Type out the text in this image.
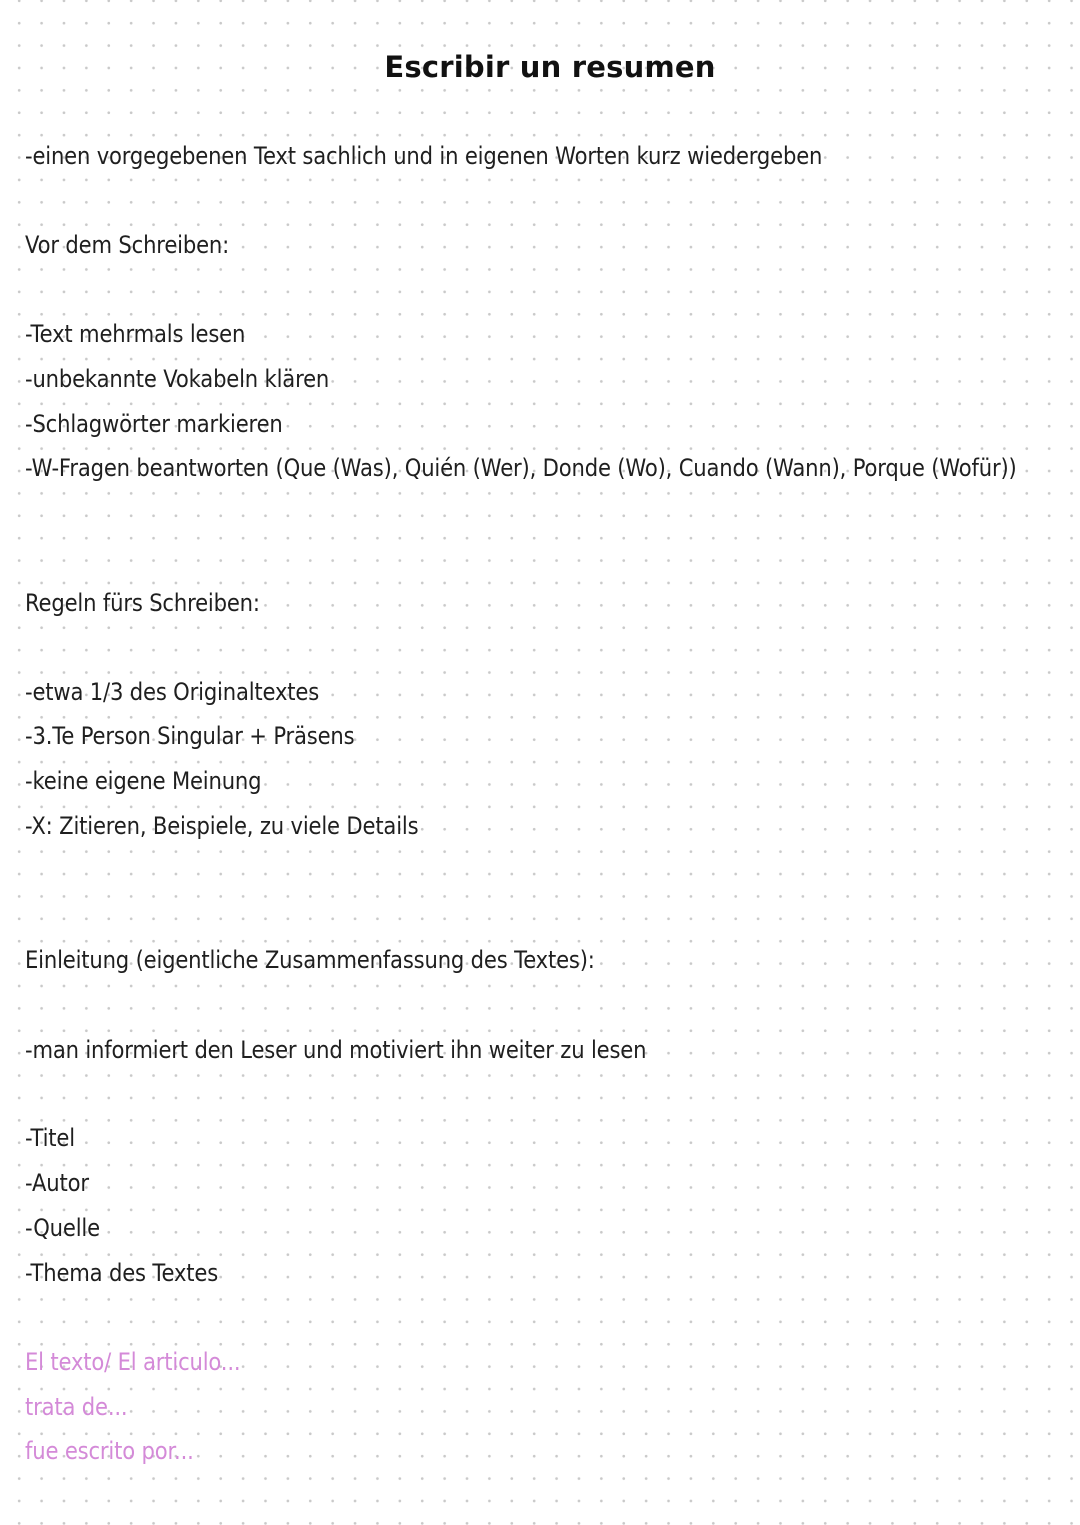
Escribir un resumen
-einen vorgegebenen Text sachlich und in eigenen Worten kurz wiedergeben
Vor dem Schreiben:
-Text mehrmals lesen
-unbekannte Vokabeln klären
-Schlagwörter markieren
-W-Fragen beantworten (Que (Was), Quién (Wer), Donde (Wo), Cuando (Wann), Porque (Wofür))
Regeln fürs Schreiben:
-etwa 1/3 des Originaltextes
-3.Te Person Singular + Präsens
-keine eigene Meinung
-X: Zitieren, Beispiele, zu viele Details
Einleitung (eigentliche Zusammenfassung des Textes):
-man informiert den Leser und motiviert ihn weiter zu lesen
-Titel
-Autor
-Quelle
-Thema des Textes
El texto/ El articulo...
trata de...
fue escrito por...
